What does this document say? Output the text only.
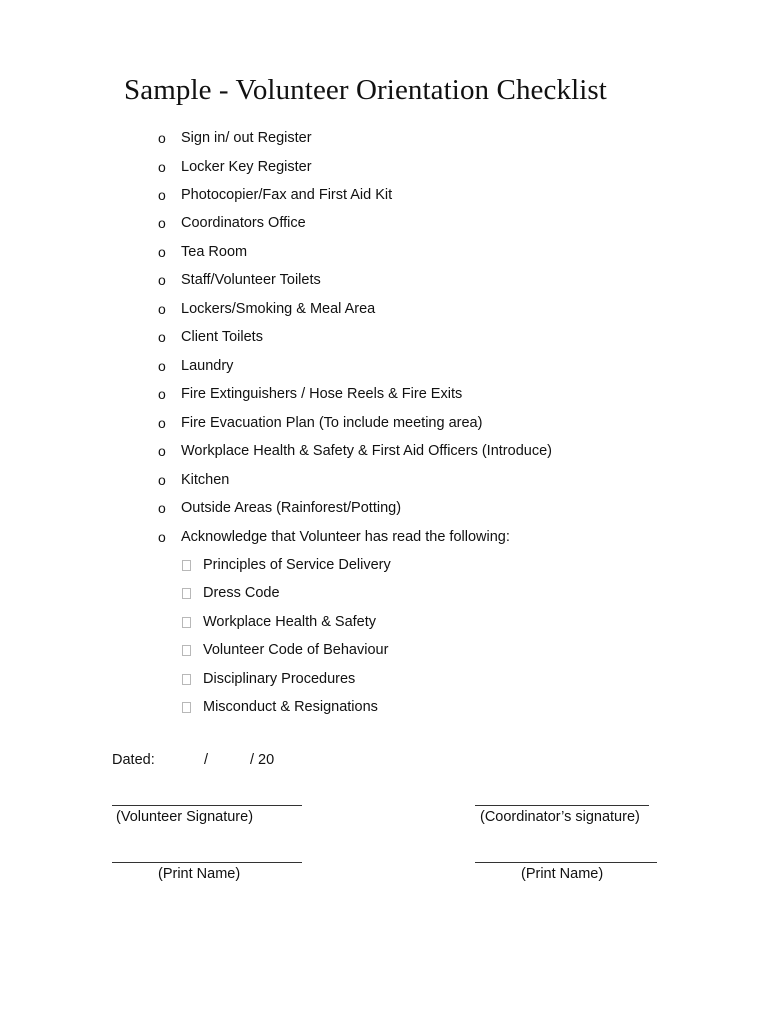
Sample - Volunteer Orientation Checklist
o	Sign in/ out Register
o	Locker Key Register
o	Photocopier/Fax and First Aid Kit
o	Coordinators Office
o	Tea Room
o	Staff/Volunteer Toilets
o	Lockers/Smoking & Meal Area
o	Client Toilets
o	Laundry
o	Fire Extinguishers / Hose Reels & Fire Exits
o	Fire Evacuation Plan (To include meeting area)
o	Workplace Health & Safety & First Aid Officers (Introduce)
o	Kitchen
o	Outside Areas (Rainforest/Potting)
o	Acknowledge that Volunteer has read the following:
Principles of Service Delivery
Dress Code
Workplace Health & Safety
Volunteer Code of Behaviour
Disciplinary Procedures
Misconduct & Resignations
Dated:	/	/ 20
(Volunteer Signature)	(Coordinator’s signature)
(Print Name)	(Print Name)
